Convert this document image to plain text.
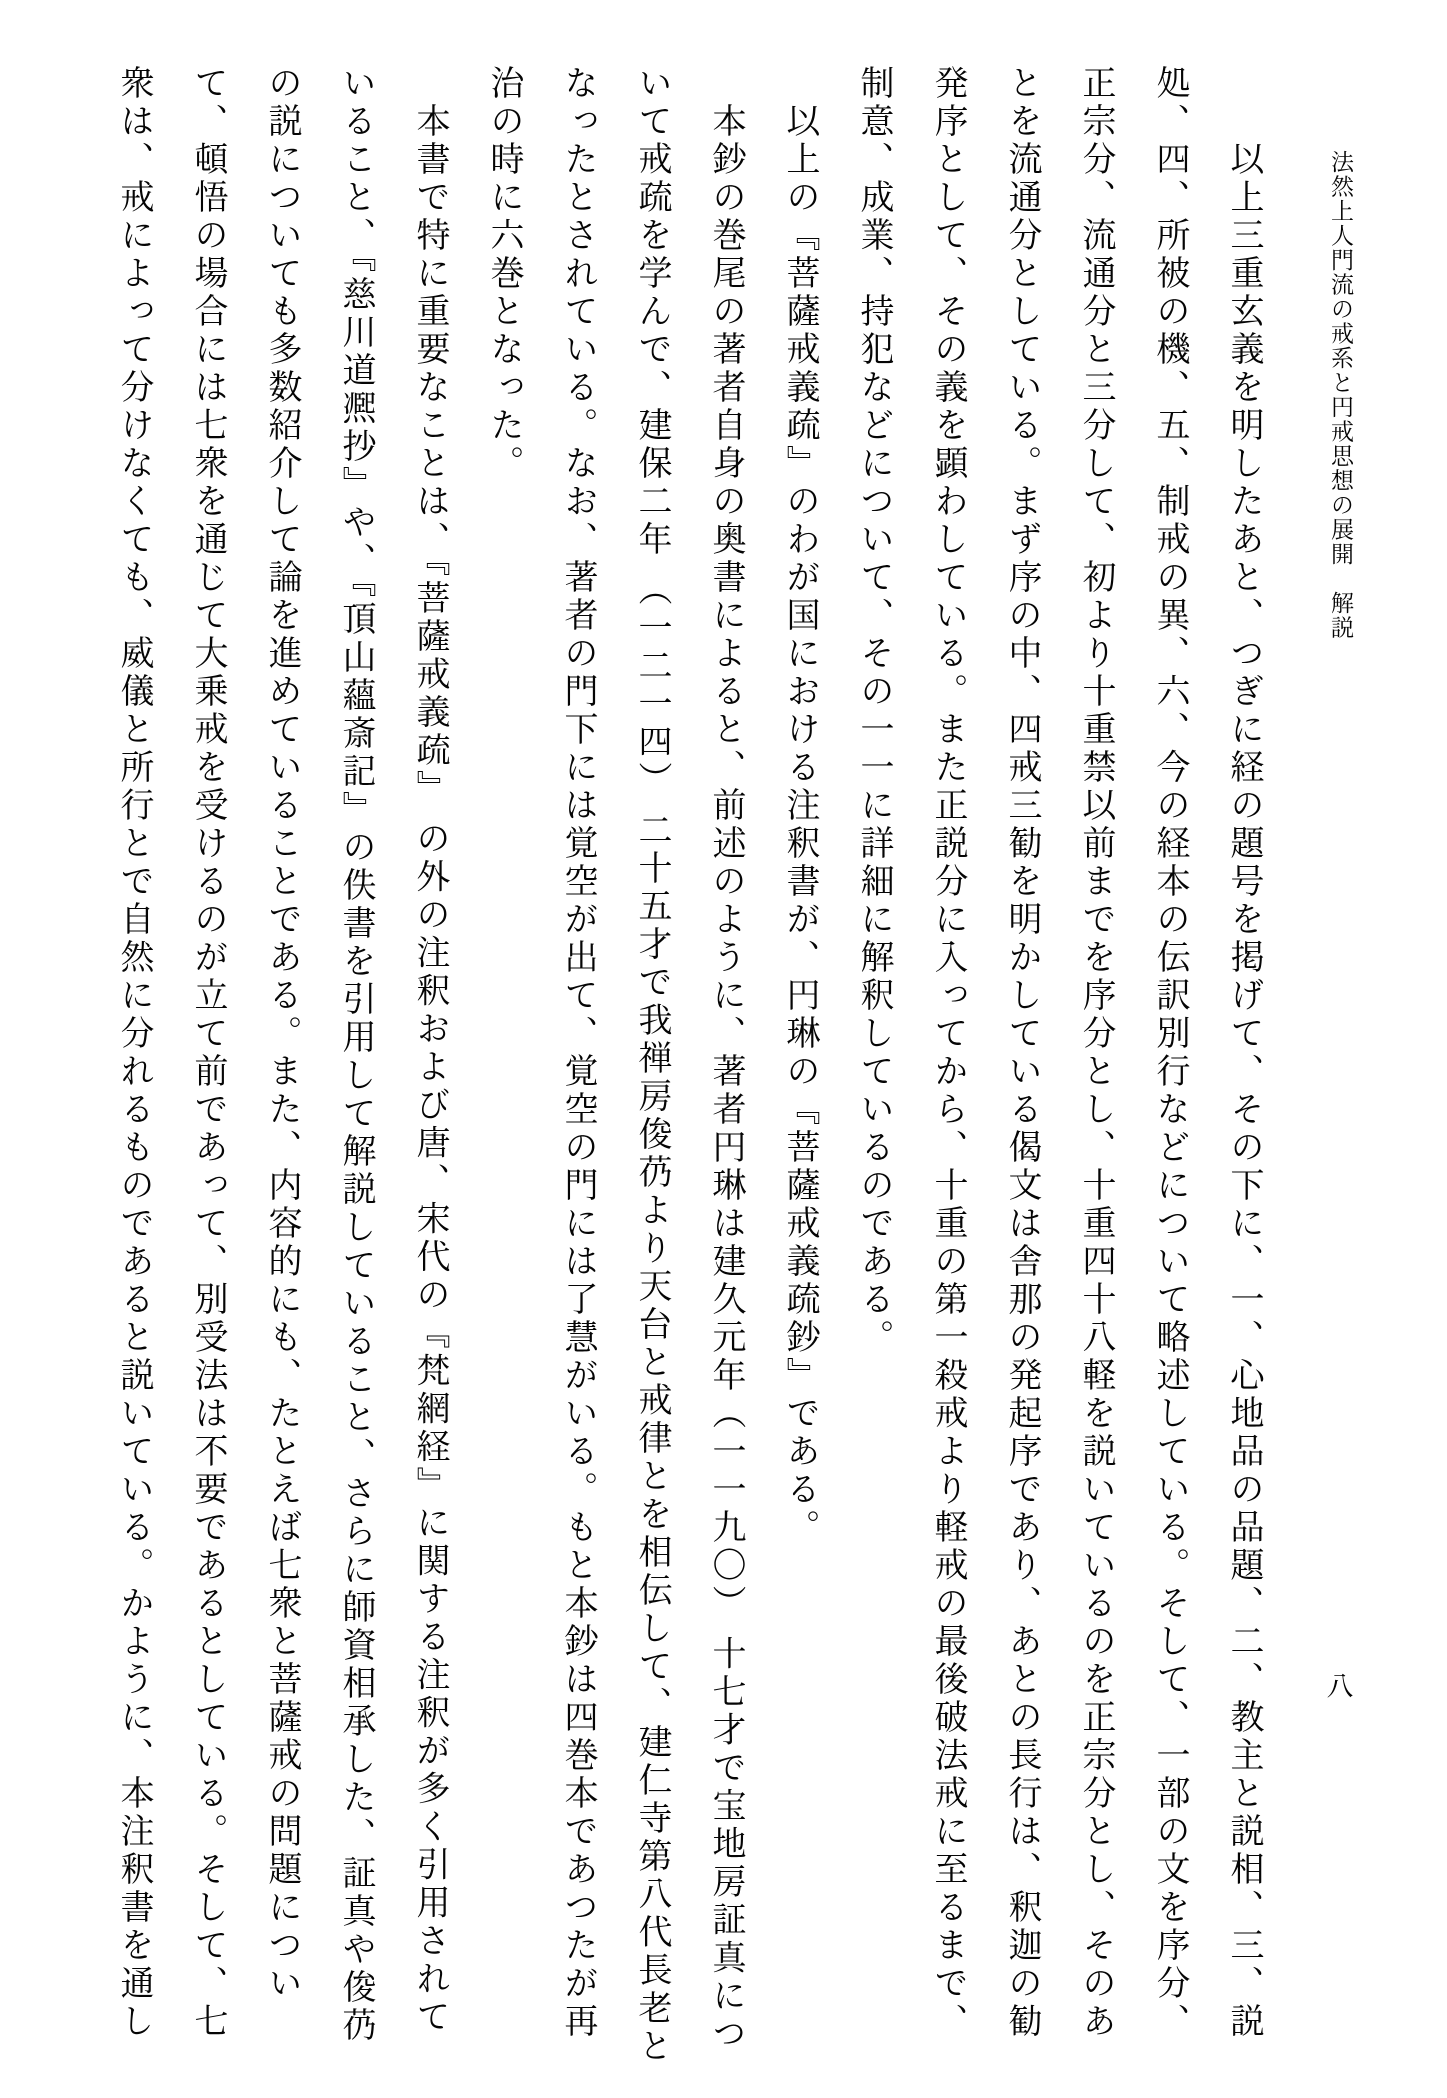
法然上人門流の戒系と円戒思想の展開　解説
八
以上三重玄義を明したあと、つぎに経の題号を掲げて、その下に、一、心地品の品題、二、教主と説相、三、説
処、四、所被の機、五、制戒の異、六、今の経本の伝訳別行などについて略述している。そして、一部の文を序分、
正宗分、流通分と三分して、初より十重禁以前までを序分とし、十重四十八軽を説いているのを正宗分とし、そのあ
とを流通分としている。まず序の中、四戒三勧を明かしている偈文は舎那の発起序であり、あとの長行は、釈迦の勧
発序として、その義を顕わしている。また正説分に入ってから、十重の第一殺戒より軽戒の最後破法戒に至るまで、
制意、成業、持犯などについて、その一一に詳細に解釈しているのである。
以上の『菩薩戒義疏』のわが国における注釈書が、円琳の『菩薩戒義疏鈔』である。
本鈔の巻尾の著者自身の奥書によると、前述のように、著者円琳は建久元年（一一九〇） 十七才で宝地房証真につ
いて戒疏を学んで、建保二年 （一二一四） 二十五才で我禅房俊芿より天台と戒律とを相伝して、建仁寺第八代長老と
なったとされている。なお、著者の門下には覚空が出て、覚空の門には了慧がいる。もと本鈔は四巻本であつたが再
治の時に六巻となった。
本書で特に重要なことは、『菩薩戒義疏』 の外の注釈および唐、宋代の『梵網経』に関する注釈が多く引用されて
いること、『慈川道凞抄』や、『頂山蘊斎記』の佚書を引用して解説していること、さらに師資相承した、証真や俊芿
の説についても多数紹介して論を進めていることである。また、内容的にも、たとえば七衆と菩薩戒の問題につい
て、頓悟の場合には七衆を通じて大乗戒を受けるのが立て前であって、別受法は不要であるとしている。そして、七
衆は、戒によって分けなくても、威儀と所行とで自然に分れるものであると説いている。かように、本注釈書を通し
